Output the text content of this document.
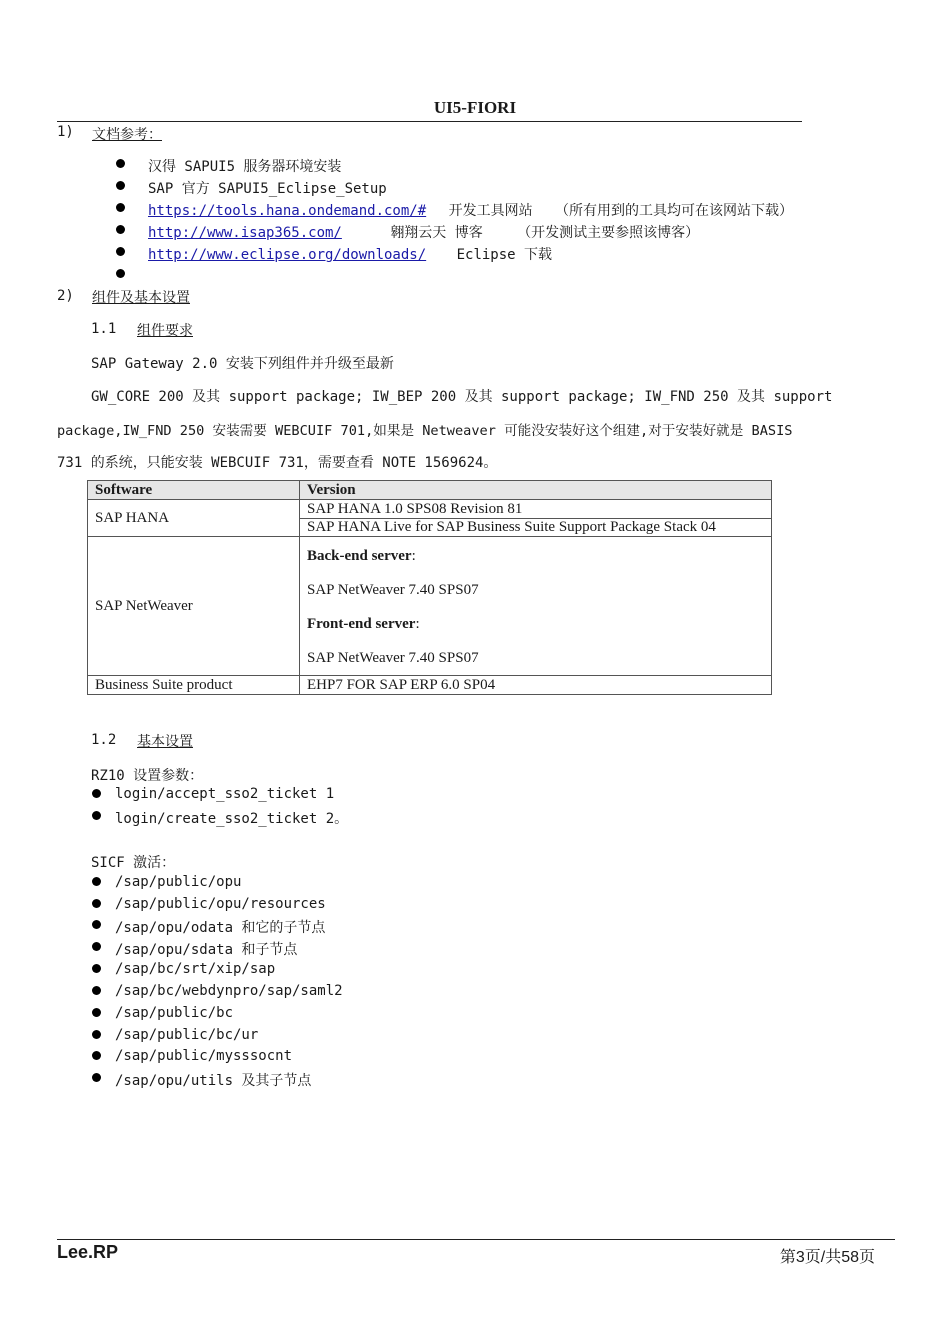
UI5-FIORI
1) 文档参考：
汉得 SAPUI5 服务器环境安装
SAP 官方 SAPUI5_Eclipse_Setup
https://tools.hana.ondemand.com/# 开发工具网站 （所有用到的工具均可在该网站下载）
http://www.isap365.com/	翱翔云天 博客 （开发测试主要参照该博客）
http://www.eclipse.org/downloads/ Eclipse 下载
2) 组件及基本设置
1.1 组件要求
SAP Gateway 2.0 安装下列组件并升级至最新
GW_CORE 200 及其 support package; IW_BEP 200 及其 support package; IW_FND 250 及其 support
package,IW_FND 250 安装需要 WEBCUIF 701,如果是 Netweaver 可能没安装好这个组建,对于安装好就是 BASIS
731 的系统，只能安装 WEBCUIF 731，需要查看 NOTE 1569624。
Software	Version
SAP HANA	SAP HANA 1.0 SPS08 Revision 81
	SAP HANA Live for SAP Business Suite Support Package Stack 04
SAP NetWeaver	Back-end server:
SAP NetWeaver 7.40 SPS07
Front-end server:
SAP NetWeaver 7.40 SPS07

Business Suite product	EHP7 FOR SAP ERP 6.0 SP04
1.2 基本设置
RZ10 设置参数：
login/accept_sso2_ticket 1
login/create_sso2_ticket 2。
SICF 激活：
/sap/public/opu
/sap/public/opu/resources
/sap/opu/odata 和它的子节点
/sap/opu/sdata 和子节点
/sap/bc/srt/xip/sap
/sap/bc/webdynpro/sap/saml2
/sap/public/bc
/sap/public/bc/ur
/sap/public/mysssocnt
/sap/opu/utils 及其子节点
Lee.RP	第3页/共58页
